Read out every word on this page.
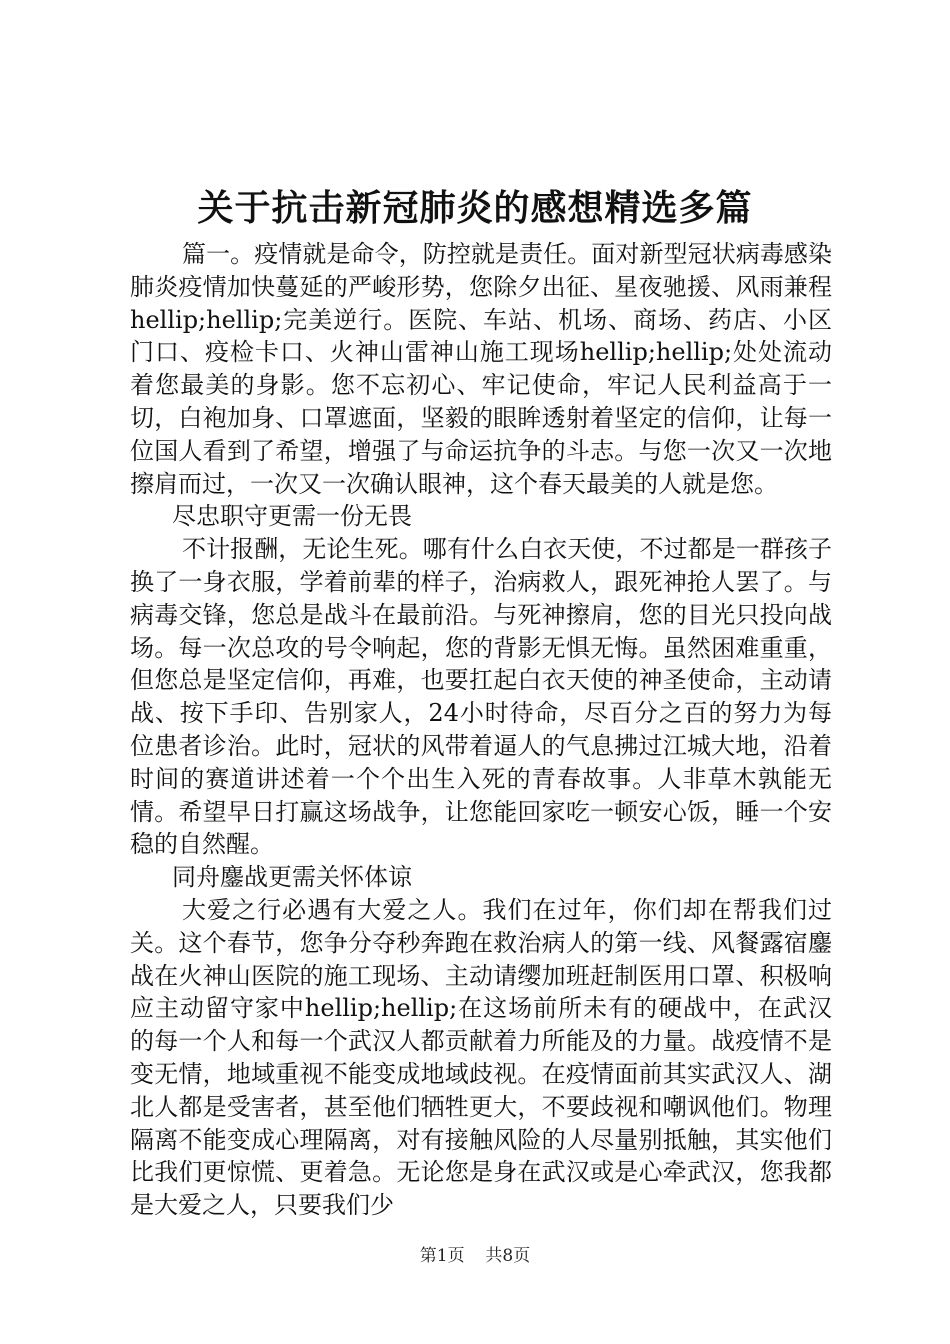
关于抗击新冠肺炎的感想精选多篇

篇一。疫情就是命令，防控就是责任。面对新型冠状病毒感染肺炎疫情加快蔓延的严峻形势，您除夕出征、星夜驰援、风雨兼程hellip;hellip;完美逆行。医院、车站、机场、商场、药店、小区门口、疫检卡口、火神山雷神山施工现场hellip;hellip;处处流动着您最美的身影。您不忘初心、牢记使命，牢记人民利益高于一切，白袍加身、口罩遮面，坚毅的眼眸透射着坚定的信仰，让每一位国人看到了希望，增强了与命运抗争的斗志。与您一次又一次地擦肩而过，一次又一次确认眼神，这个春天最美的人就是您。

尽忠职守更需一份无畏

不计报酬，无论生死。哪有什么白衣天使，不过都是一群孩子换了一身衣服，学着前辈的样子，治病救人，跟死神抢人罢了。与病毒交锋，您总是战斗在最前沿。与死神擦肩，您的目光只投向战场。每一次总攻的号令响起，您的背影无惧无悔。虽然困难重重，但您总是坚定信仰，再难，也要扛起白衣天使的神圣使命，主动请战、按下手印、告别家人，24小时待命，尽百分之百的努力为每位患者诊治。此时，冠状的风带着逼人的气息拂过江城大地，沿着时间的赛道讲述着一个个出生入死的青春故事。人非草木孰能无情。希望早日打赢这场战争，让您能回家吃一顿安心饭，睡一个安稳的自然醒。

同舟鏖战更需关怀体谅

大爱之行必遇有大爱之人。我们在过年，你们却在帮我们过关。这个春节，您争分夺秒奔跑在救治病人的第一线、风餐露宿鏖战在火神山医院的施工现场、主动请缨加班赶制医用口罩、积极响应主动留守家中hellip;hellip;在这场前所未有的硬战中，在武汉的每一个人和每一个武汉人都贡献着力所能及的力量。战疫情不是变无情，地域重视不能变成地域歧视。在疫情面前其实武汉人、湖北人都是受害者，甚至他们牺牲更大，不要歧视和嘲讽他们。物理隔离不能变成心理隔离，对有接触风险的人尽量别抵触，其实他们比我们更惊慌、更着急。无论您是身在武汉或是心牵武汉，您我都是大爱之人，只要我们少

第1页 共8页
